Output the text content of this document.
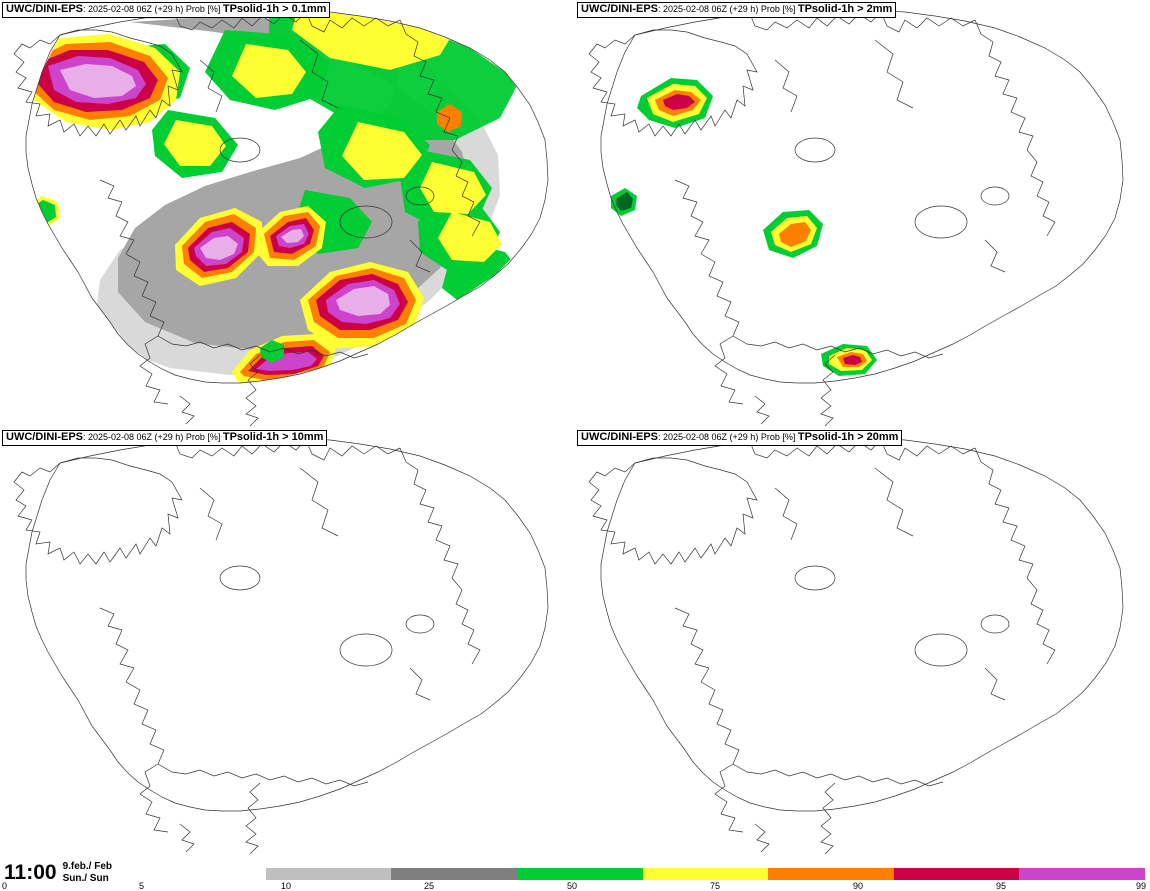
UWC/DINI-EPS: 2025-02-08 06Z (+29 h) Prob [%] TPsolid-1h > 0.1mm	UWC/DINI-EPS: 2025-02-08 06Z (+29 h) Prob [%] TPsolid-1h > 2mm
UWC/DINI-EPS: 2025-02-08 06Z (+29 h) Prob [%] TPsolid-1h > 10mm	UWC/DINI-EPS: 2025-02-08 06Z (+29 h) Prob [%] TPsolid-1h > 20mm
11:00 9.feb./ Feb
Sun./ Sun
0	5	10	25	50	75	90	95	99
